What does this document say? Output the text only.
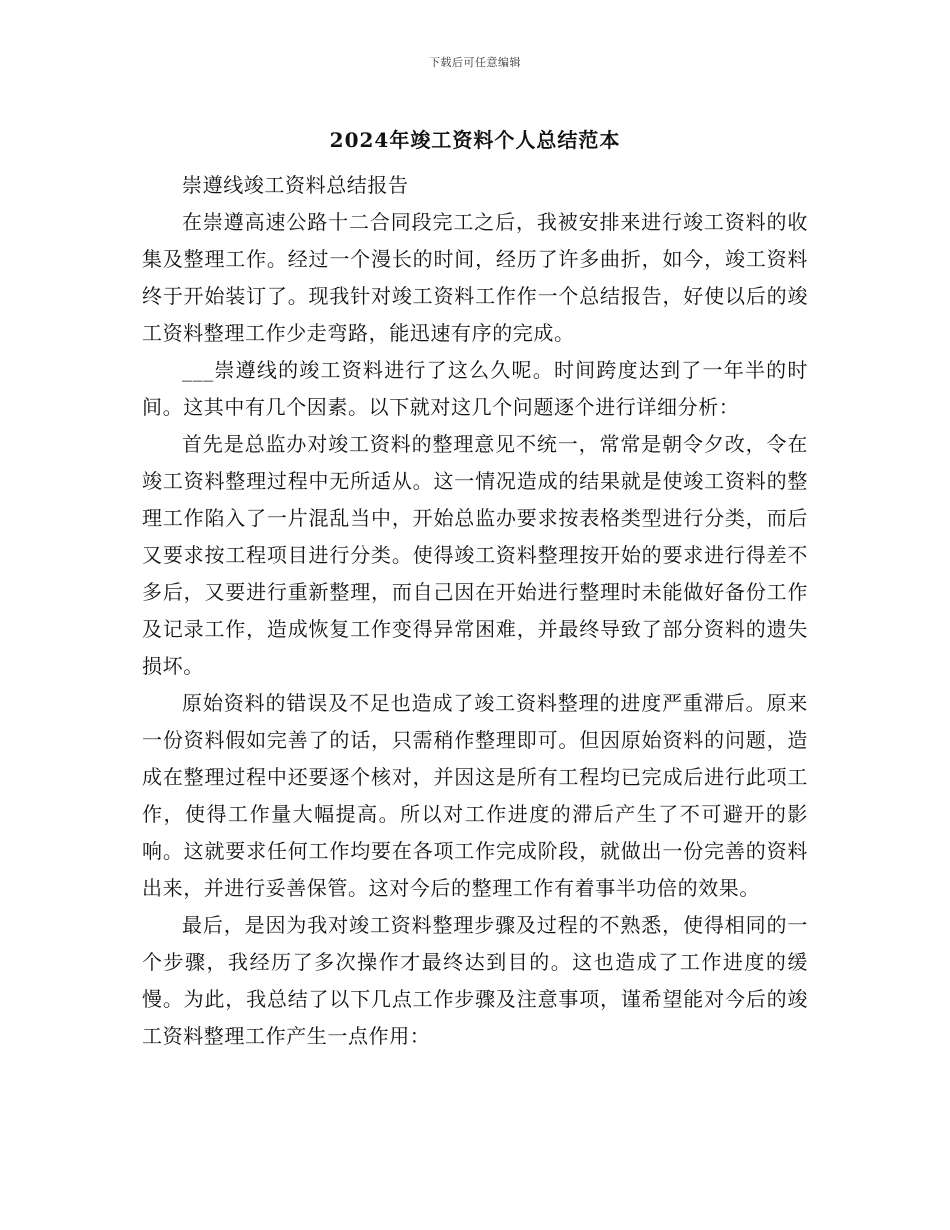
下载后可任意编辑
2024年竣工资料个人总结范本

崇遵线竣工资料总结报告

在崇遵高速公路十二合同段完工之后，我被安排来进行竣工资料的收集及整理工作。经过一个漫长的时间，经历了许多曲折，如今，竣工资料终于开始装订了。现我针对竣工资料工作作一个总结报告，好使以后的竣工资料整理工作少走弯路，能迅速有序的完成。

___崇遵线的竣工资料进行了这么久呢。时间跨度达到了一年半的时间。这其中有几个因素。以下就对这几个问题逐个进行详细分析：

首先是总监办对竣工资料的整理意见不统一，常常是朝令夕改，令在竣工资料整理过程中无所适从。这一情况造成的结果就是使竣工资料的整理工作陷入了一片混乱当中，开始总监办要求按表格类型进行分类，而后又要求按工程项目进行分类。使得竣工资料整理按开始的要求进行得差不多后，又要进行重新整理，而自己因在开始进行整理时未能做好备份工作及记录工作，造成恢复工作变得异常困难，并最终导致了部分资料的遗失损坏。

原始资料的错误及不足也造成了竣工资料整理的进度严重滞后。原来一份资料假如完善了的话，只需稍作整理即可。但因原始资料的问题，造成在整理过程中还要逐个核对，并因这是所有工程均已完成后进行此项工作，使得工作量大幅提高。所以对工作进度的滞后产生了不可避开的影响。这就要求任何工作均要在各项工作完成阶段，就做出一份完善的资料出来，并进行妥善保管。这对今后的整理工作有着事半功倍的效果。

最后，是因为我对竣工资料整理步骤及过程的不熟悉，使得相同的一个步骤，我经历了多次操作才最终达到目的。这也造成了工作进度的缓慢。为此，我总结了以下几点工作步骤及注意事项，谨希望能对今后的竣工资料整理工作产生一点作用：
